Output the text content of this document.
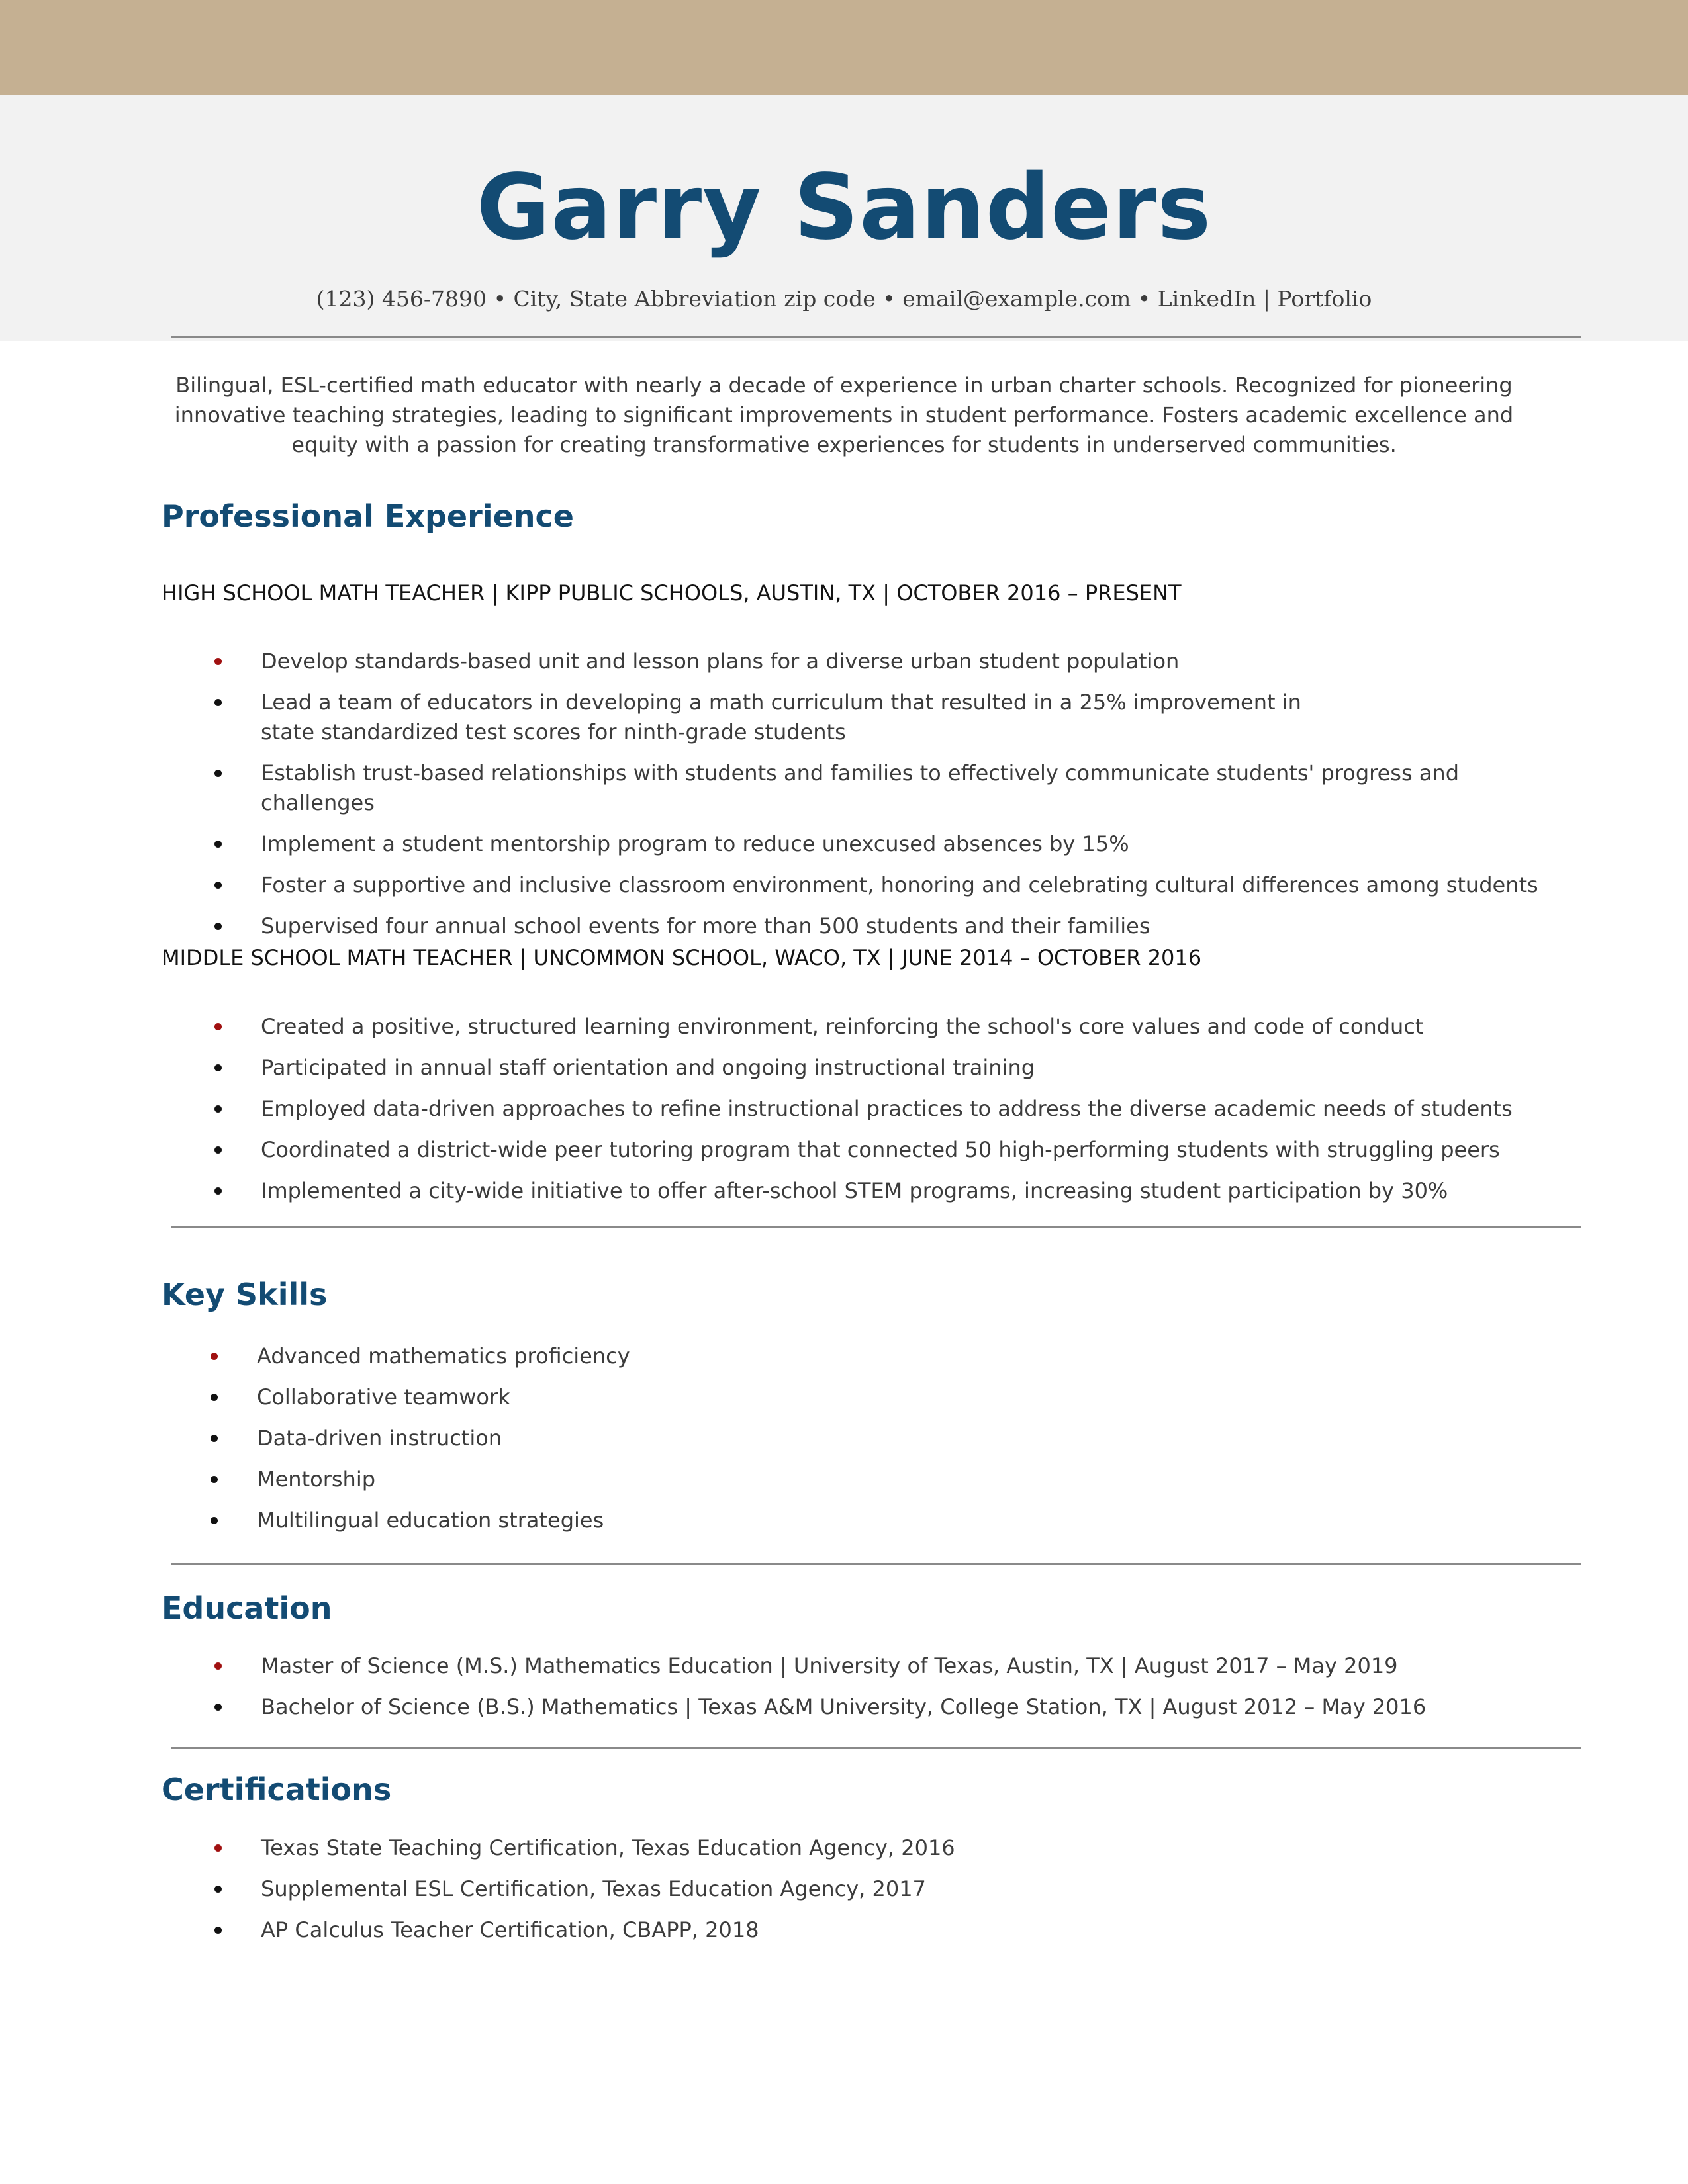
Garry Sanders
(123) 456-7890 • City, State Abbreviation zip code • email@example.com • LinkedIn | Portfolio

Bilingual, ESL-certified math educator with nearly a decade of experience in urban charter schools. Recognized for pioneering innovative teaching strategies, leading to significant improvements in student performance. Fosters academic excellence and equity with a passion for creating transformative experiences for students in underserved communities.

Professional Experience
HIGH SCHOOL MATH TEACHER | KIPP PUBLIC SCHOOLS, AUSTIN, TX | OCTOBER 2016 – PRESENT
Develop standards-based unit and lesson plans for a diverse urban student population
Lead a team of educators in developing a math curriculum that resulted in a 25% improvement in state standardized test scores for ninth-grade students
Establish trust-based relationships with students and families to effectively communicate students' progress and challenges
Implement a student mentorship program to reduce unexcused absences by 15%
Foster a supportive and inclusive classroom environment, honoring and celebrating cultural differences among students
Supervised four annual school events for more than 500 students and their families
MIDDLE SCHOOL MATH TEACHER | UNCOMMON SCHOOL, WACO, TX | JUNE 2014 – OCTOBER 2016
Created a positive, structured learning environment, reinforcing the school's core values and code of conduct
Participated in annual staff orientation and ongoing instructional training
Employed data-driven approaches to refine instructional practices to address the diverse academic needs of students
Coordinated a district-wide peer tutoring program that connected 50 high-performing students with struggling peers
Implemented a city-wide initiative to offer after-school STEM programs, increasing student participation by 30%
Key Skills
Advanced mathematics proficiency
Collaborative teamwork
Data-driven instruction
Mentorship
Multilingual education strategies
Education
Master of Science (M.S.) Mathematics Education | University of Texas, Austin, TX | August 2017 – May 2019
Bachelor of Science (B.S.) Mathematics | Texas A&M University, College Station, TX | August 2012 – May 2016
Certifications
Texas State Teaching Certification, Texas Education Agency, 2016
Supplemental ESL Certification, Texas Education Agency, 2017
AP Calculus Teacher Certification, CBAPP, 2018
